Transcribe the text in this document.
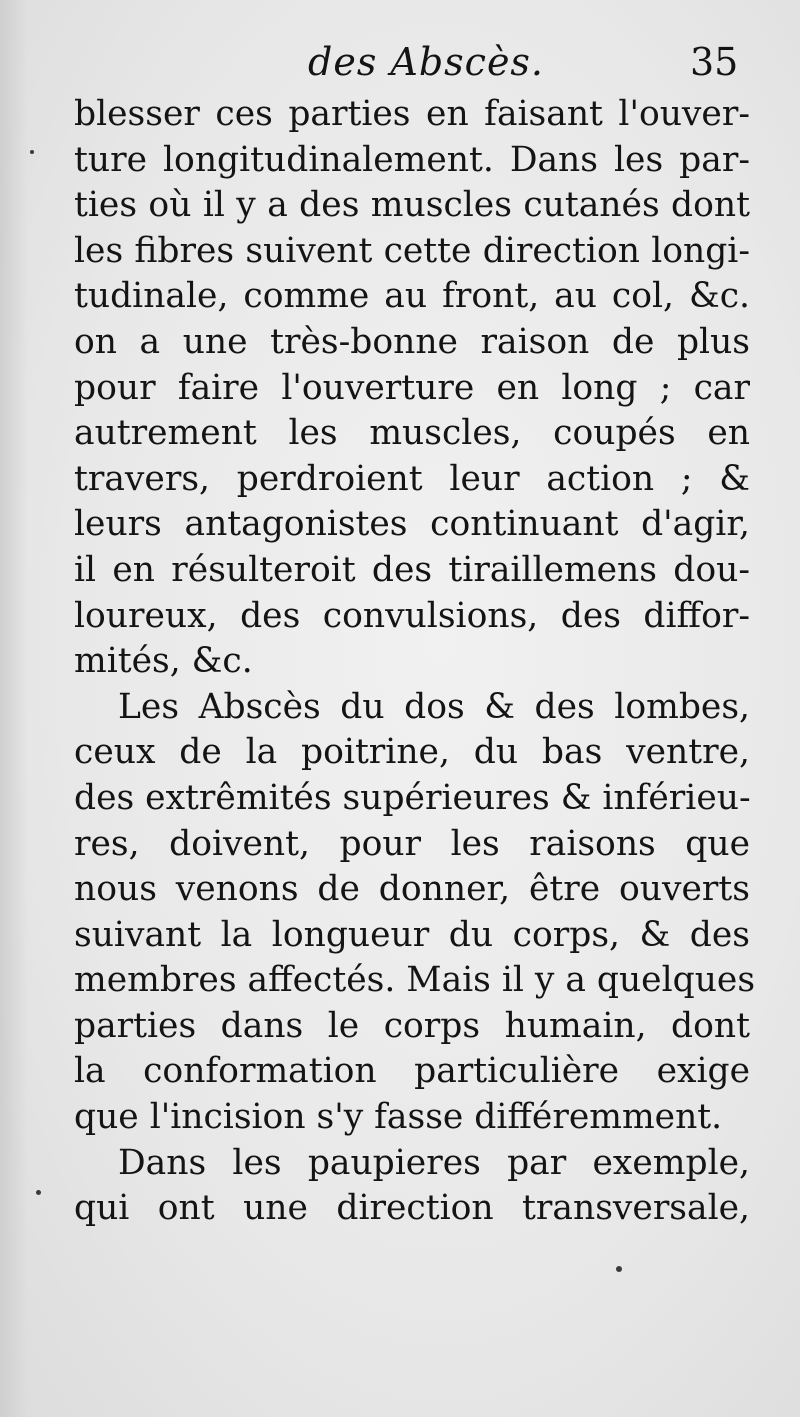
des Abscès.	35
blesser ces parties en faisant l'ouver-
ture longitudinalement. Dans les par-
ties où il y a des muscles cutanés dont
les fibres suivent cette direction longi-
tudinale, comme au front, au col, &c.
on a une très-bonne raison de plus
pour faire l'ouverture en long ; car
autrement les muscles, coupés en
travers, perdroient leur action ; &
leurs antagonistes continuant d'agir,
il en résulteroit des tiraillemens dou-
loureux, des convulsions, des diffor-
mités, &c.
Les Abscès du dos & des lombes,
ceux de la poitrine, du bas ventre,
des extrêmités supérieures & inférieu-
res, doivent, pour les raisons que
nous venons de donner, être ouverts
suivant la longueur du corps, & des
membres affectés. Mais il y a quelques
parties dans le corps humain, dont
la conformation particulière exige
que l'incision s'y fasse différemment.
Dans les paupieres par exemple,
qui ont une direction transversale,
